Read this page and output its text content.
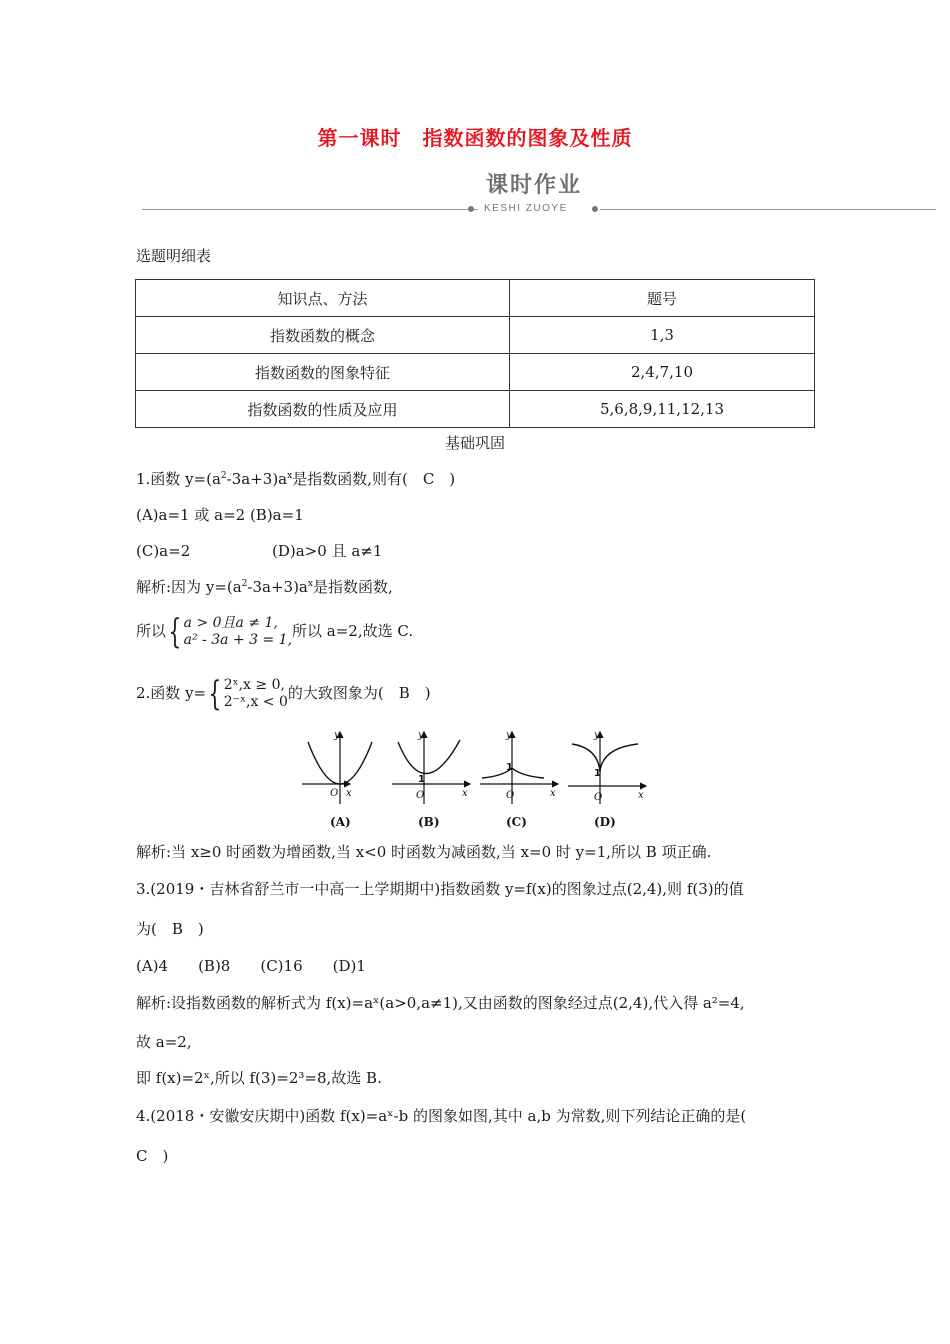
第一课时　指数函数的图象及性质
课时作业
KESHI ZUOYE
选题明细表
知识点、方法	题号
指数函数的概念	1,3
指数函数的图象特征	2,4,7,10
指数函数的性质及应用	5,6,8,9,11,12,13
基础巩固
1.函数 $y=(a^2-3a+3)a^x$是指数函数,则有(　C　)
(A)a=1 或 a=2 (B)a=1
(C)a=2	(D)a>0 且 a≠1
解析:因为 $y=(a^2-3a+3)a^x$是指数函数,
所以{ a > 0且a ≠ 1,
a² - 3a + 3 = 1, 所以 a=2,故选 C.
2.函数 y={ 2ˣ,x ≥ 0,
2⁻ˣ,x < 0 的大致图象为(　B　)
y
x
O
y
x
O
y
x
O
y
x
O
1
1
1
(A)	(B)	(C)	(D)
解析:当 x≥0 时函数为增函数,当 x<0 时函数为减函数,当 x=0 时 y=1,所以 B 项正确.
3.(2019・吉林省舒兰市一中高一上学期期中)指数函数 y=f(x)的图象过点(2,4),则 f(3)的值
为(　B　)
(A)4　　(B)8　　(C)16　　(D)1
解析:设指数函数的解析式为 f(x)=aˣ(a>0,a≠1),又由函数的图象经过点(2,4),代入得 a²=4,
故 a=2,
即 f(x)=2ˣ,所以 f(3)=2³=8,故选 B.
4.(2018・安徽安庆期中)函数 f(x)=aˣ-b 的图象如图,其中 a,b 为常数,则下列结论正确的是(
C　)
